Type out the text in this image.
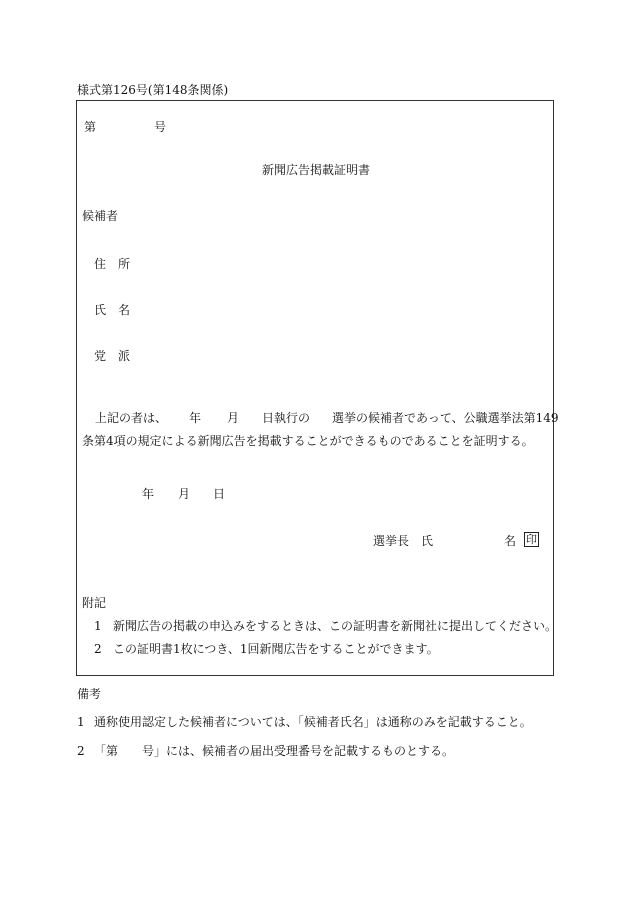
様式第126号(第148条関係)
第	号
新聞広告掲載証明書
候補者
住　所
氏　名
党　派
上記の者は、 年 月 日執行の 選挙の候補者であって、公職選挙法第149
条第4項の規定による新聞広告を掲載することができるものであることを証明する。
年 月 日
選挙長　氏	名 印
附記
1 新聞広告の掲載の申込みをするときは、この証明書を新聞社に提出してください。
2 この証明書1枚につき、1回新聞広告をすることができます。
備考
1 通称使用認定した候補者については、「候補者氏名」は通称のみを記載すること。
2 「第　　号」には、候補者の届出受理番号を記載するものとする。
